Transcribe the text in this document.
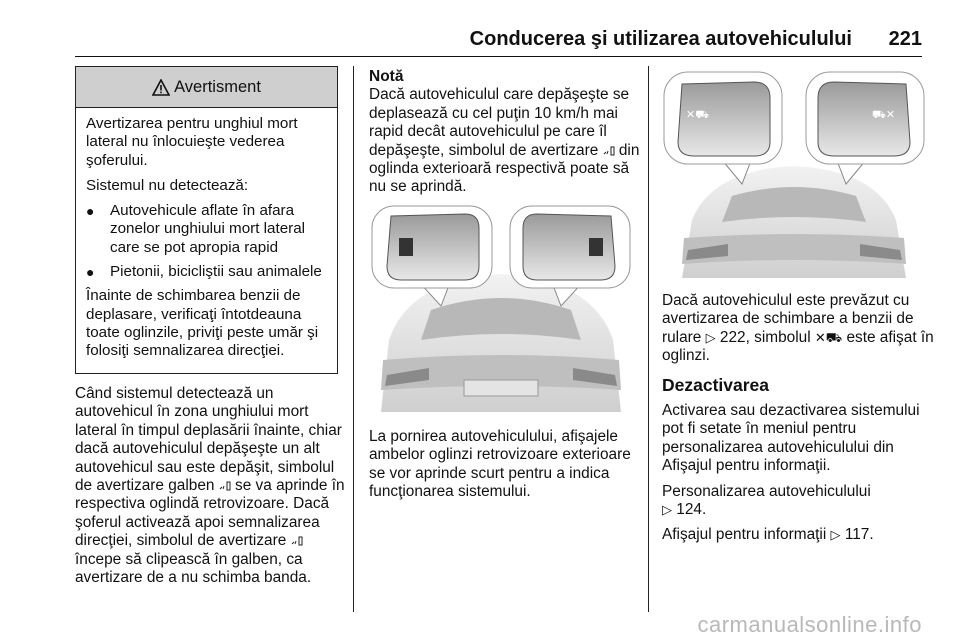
Conducerea şi utilizarea autovehiculului 221
Avertisment

Avertizarea pentru unghiul mort lateral nu înlocuieşte vederea şoferului.

Sistemul nu detectează:

●	Autovehicule aflate în afara zonelor unghiului mort lateral care se pot apropia rapid
●	Pietonii, bicicliştii sau animalele

Înainte de schimbarea benzii de deplasare, verificaţi întotdeauna toate oglinzile, priviţi peste umăr şi folosiţi semnalizarea direcţiei.

Când sistemul detectează un autovehicul în zona unghiului mort lateral în timpul deplasării înainte, chiar dacă autovehiculul depăşeşte un alt autovehicul sau este depăşit, simbolul de avertizare galben se va aprinde în respectiva oglindă retrovizoare. Dacă şoferul activează apoi semnalizarea direcţiei, simbolul de avertizare  începe să clipească în galben, ca avertizare de a nu schimba banda.

Notă

Dacă autovehiculul care depăşeşte se deplasează cu cel puţin 10 km/h mai rapid decât autovehiculul pe care îl depăşeşte, simbolul de avertizare din oglinda exterioară respectivă poate să nu se aprindă.

La pornirea autovehiculului, afişajele ambelor oglinzi retrovizoare exterioare se vor aprinde scurt pentru a indica funcţionarea sistemului.

✕⛟	⛟✕

Dacă autovehiculul este prevăzut cu avertizarea de schimbare a benzii de rulare ▷ 222, simbolul ✕⛟ este afişat în oglinzi.

Dezactivarea

Activarea sau dezactivarea sistemului pot fi setate în meniul pentru personalizarea autovehiculului din Afişajul pentru informaţii.

Personalizarea autovehiculului
▷ 124.

Afişajul pentru informaţii ▷ 117.

carmanualsonline.info
